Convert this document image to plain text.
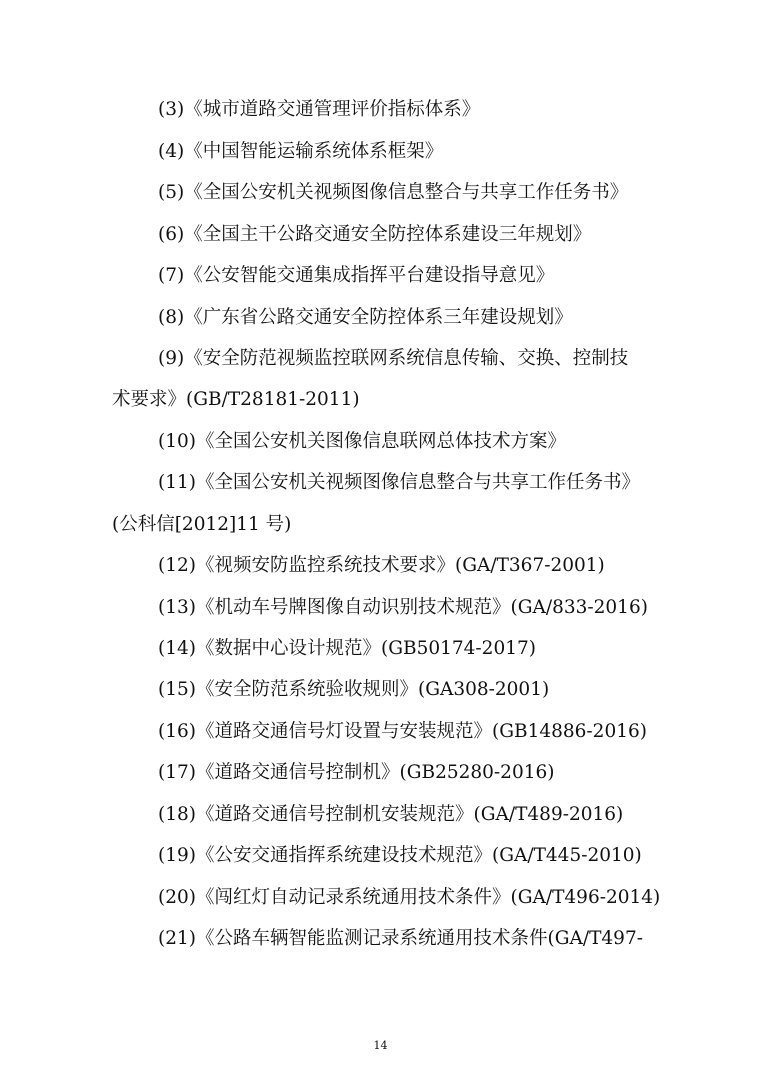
(3)《城市道路交通管理评价指标体系》

(4)《中国智能运输系统体系框架》

(5)《全国公安机关视频图像信息整合与共享工作任务书》

(6)《全国主干公路交通安全防控体系建设三年规划》

(7)《公安智能交通集成指挥平台建设指导意见》

(8)《广东省公路交通安全防控体系三年建设规划》

(9)《安全防范视频监控联网系统信息传输、交换、控制技

术要求》(GB/T28181-2011)

(10)《全国公安机关图像信息联网总体技术方案》

(11)《全国公安机关视频图像信息整合与共享工作任务书》

(公科信[2012]11 号)

(12)《视频安防监控系统技术要求》(GA/T367-2001)

(13)《机动车号牌图像自动识别技术规范》(GA/833-2016)

(14)《数据中心设计规范》(GB50174-2017)

(15)《安全防范系统验收规则》(GA308-2001)

(16)《道路交通信号灯设置与安装规范》(GB14886-2016)

(17)《道路交通信号控制机》(GB25280-2016)

(18)《道路交通信号控制机安装规范》(GA/T489-2016)

(19)《公安交通指挥系统建设技术规范》(GA/T445-2010)

(20)《闯红灯自动记录系统通用技术条件》(GA/T496-2014)

(21)《公路车辆智能监测记录系统通用技术条件(GA/T497-

14
